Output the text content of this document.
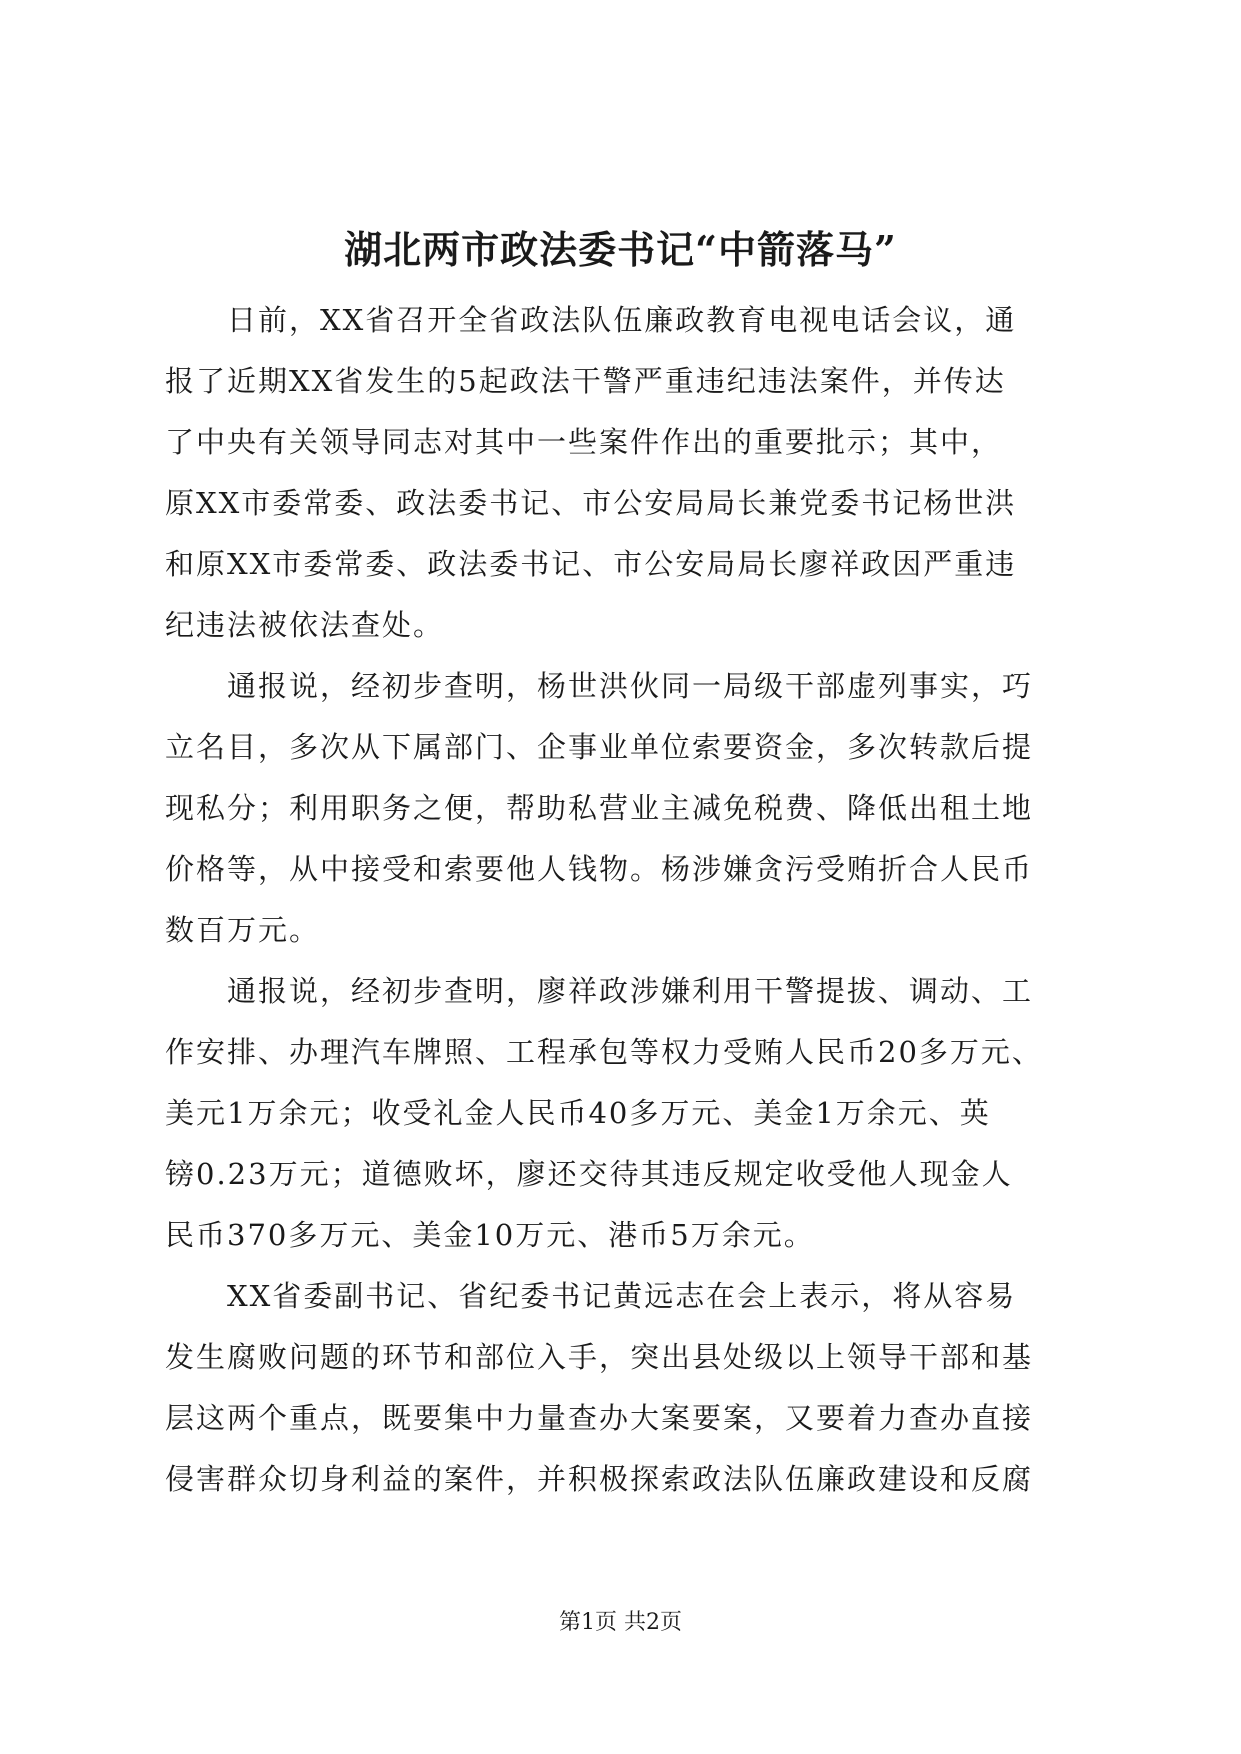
湖北两市政法委书记“中箭落马”
　　日前，XX省召开全省政法队伍廉政教育电视电话会议，通
报了近期XX省发生的5起政法干警严重违纪违法案件，并传达
了中央有关领导同志对其中一些案件作出的重要批示；其中，
原XX市委常委、政法委书记、市公安局局长兼党委书记杨世洪
和原XX市委常委、政法委书记、市公安局局长廖祥政因严重违
纪违法被依法查处。
　　通报说，经初步查明，杨世洪伙同一局级干部虚列事实，巧
立名目，多次从下属部门、企事业单位索要资金，多次转款后提
现私分；利用职务之便，帮助私营业主减免税费、降低出租土地
价格等，从中接受和索要他人钱物。杨涉嫌贪污受贿折合人民币
数百万元。
　　通报说，经初步查明，廖祥政涉嫌利用干警提拔、调动、工
作安排、办理汽车牌照、工程承包等权力受贿人民币20多万元、
美元1万余元；收受礼金人民币40多万元、美金1万余元、英
镑0.23万元；道德败坏，廖还交待其违反规定收受他人现金人
民币370多万元、美金10万元、港币5万余元。
　　XX省委副书记、省纪委书记黄远志在会上表示，将从容易
发生腐败问题的环节和部位入手，突出县处级以上领导干部和基
层这两个重点，既要集中力量查办大案要案，又要着力查办直接
侵害群众切身利益的案件，并积极探索政法队伍廉政建设和反腐
第1页 共2页
